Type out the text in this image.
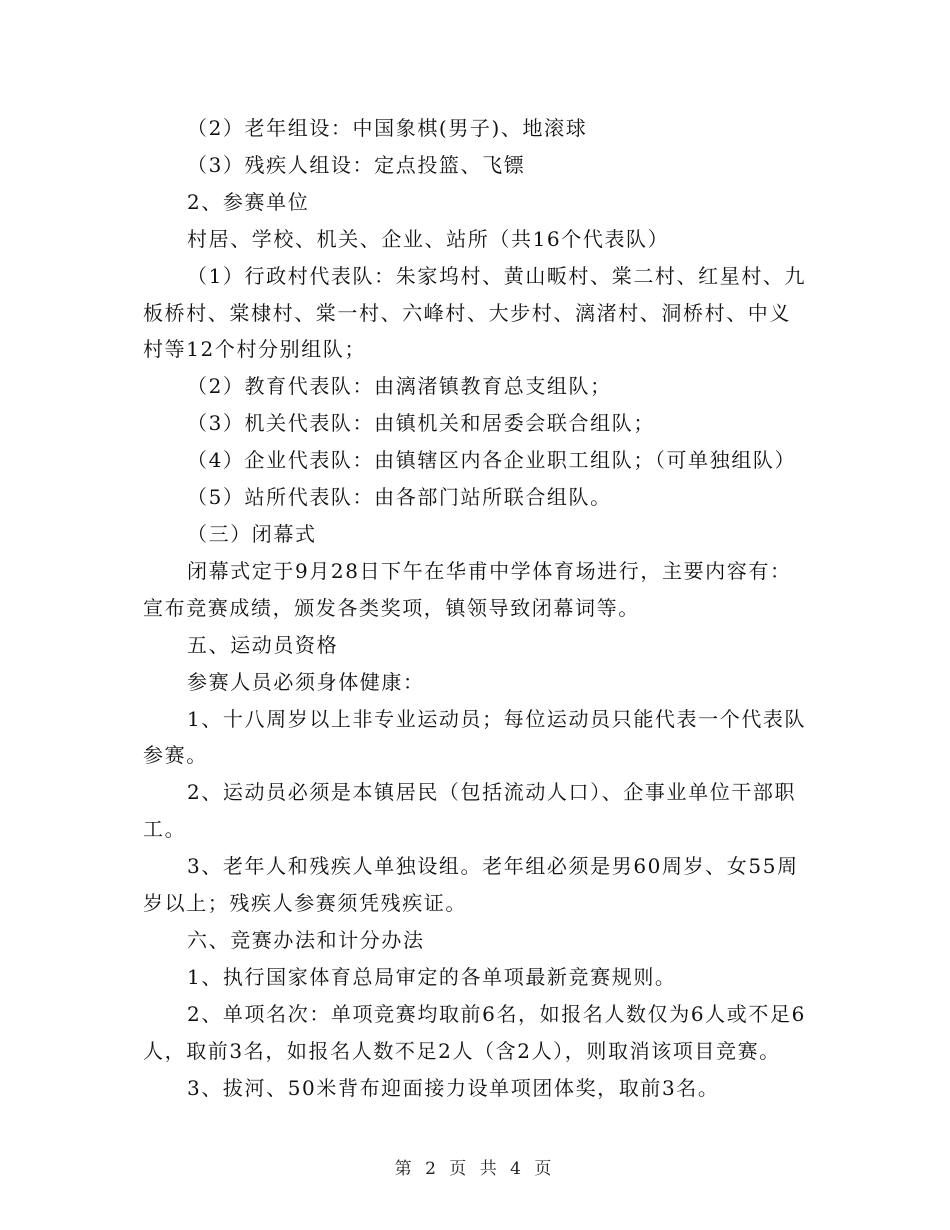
（2）老年组设：中国象棋(男子)、地滚球

（3）残疾人组设：定点投篮、飞镖

2、参赛单位

村居、学校、机关、企业、站所（共16个代表队）

（1）行政村代表队：朱家坞村、黄山畈村、棠二村、红星村、九板桥村、棠棣村、棠一村、六峰村、大步村、漓渚村、洞桥村、中义村等12个村分别组队；

（2）教育代表队：由漓渚镇教育总支组队；

（3）机关代表队：由镇机关和居委会联合组队；

（4）企业代表队：由镇辖区内各企业职工组队；（可单独组队）

（5）站所代表队：由各部门站所联合组队。

（三）闭幕式

闭幕式定于9月28日下午在华甫中学体育场进行，主要内容有：宣布竞赛成绩，颁发各类奖项，镇领导致闭幕词等。

五、运动员资格

参赛人员必须身体健康：

1、十八周岁以上非专业运动员；每位运动员只能代表一个代表队参赛。

2、运动员必须是本镇居民（包括流动人口）、企事业单位干部职工。

3、老年人和残疾人单独设组。老年组必须是男60周岁、女55周岁以上；残疾人参赛须凭残疾证。

六、竞赛办法和计分办法

1、执行国家体育总局审定的各单项最新竞赛规则。

2、单项名次：单项竞赛均取前6名，如报名人数仅为6人或不足6人，取前3名，如报名人数不足2人（含2人），则取消该项目竞赛。

3、拔河、50米背布迎面接力设单项团体奖，取前3名。

第 2 页 共 4 页
